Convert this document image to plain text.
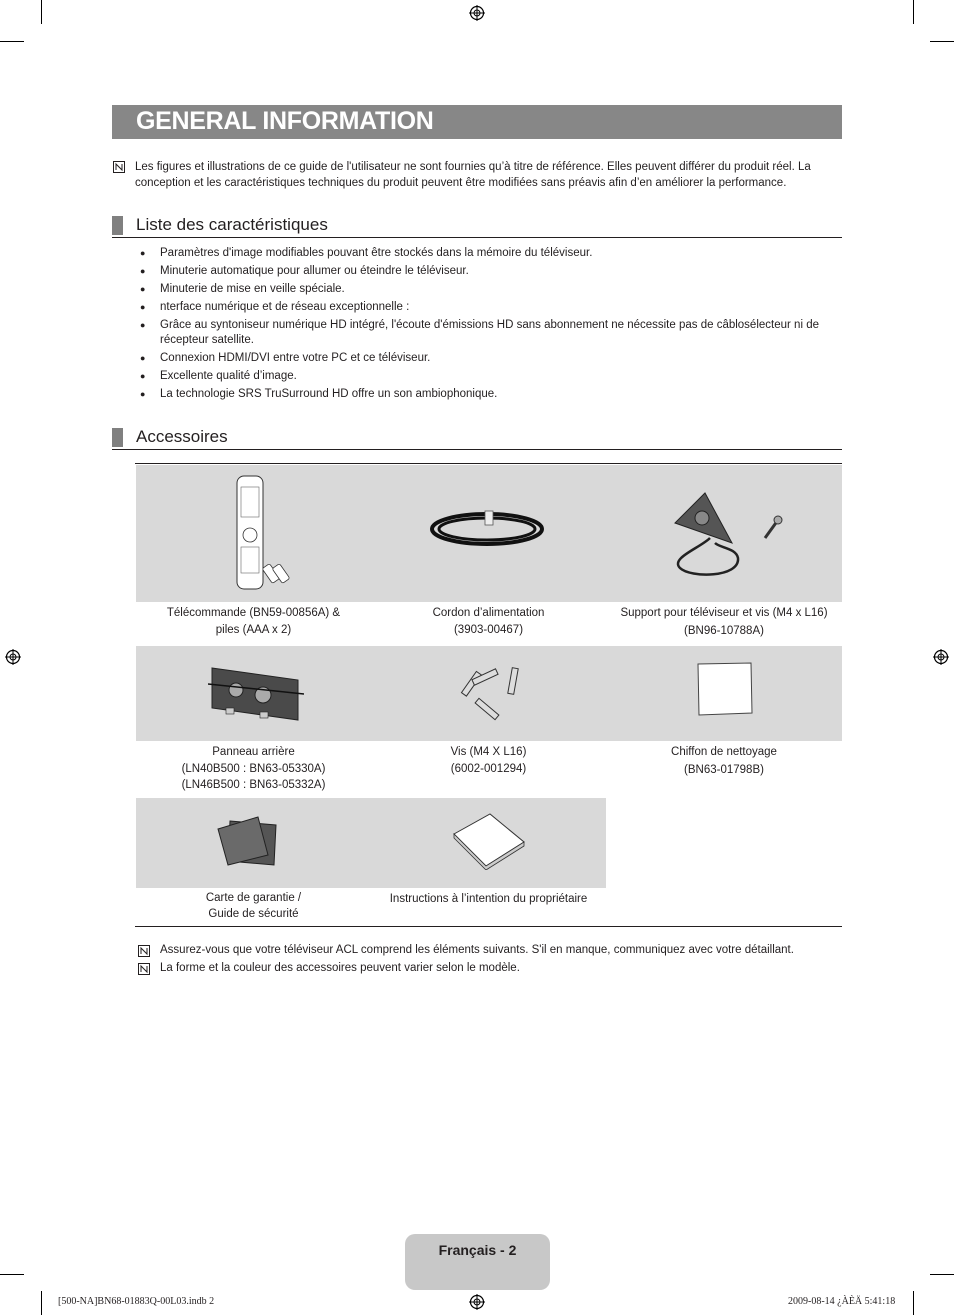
GENERAL INFORMATION
Les figures et illustrations de ce guide de l'utilisateur ne sont fournies qu’à titre de référence. Elles peuvent différer du produit réel. La conception et les caractéristiques techniques du produit peuvent être modifiées sans préavis afin d’en améliorer la performance.
Liste des caractéristiques
● Paramètres d'image modifiables pouvant être stockés dans la mémoire du téléviseur.
● Minuterie automatique pour allumer ou éteindre le téléviseur.
● Minuterie de mise en veille spéciale.
● nterface numérique et de réseau exceptionnelle :
● Grâce au syntoniseur numérique HD intégré, l'écoute d'émissions HD sans abonnement ne nécessite pas de câblosélecteur ni de récepteur satellite.
● Connexion HDMI/DVI entre votre PC et ce téléviseur.
● Excellente qualité d’image.
● La technologie SRS TruSurround HD offre un son ambiophonique.
Accessoires
Télécommande (BN59-00856A) &
piles (AAA x 2)
Cordon d’alimentation
(3903-00467)
Support pour téléviseur et vis (M4 x L16)
(BN96-10788A)
Panneau arrière
(LN40B500 : BN63-05330A)
(LN46B500 : BN63-05332A)
Vis (M4 X L16)
(6002-001294)
Chiffon de nettoyage
(BN63-01798B)
Carte de garantie /
Guide de sécurité
Instructions à l’intention du propriétaire
Assurez-vous que votre téléviseur ACL comprend les éléments suivants. S'il en manque, communiquez avec votre détaillant.
La forme et la couleur des accessoires peuvent varier selon le modèle.
Français - 2
[500-NA]BN68-01883Q-00L03.indb 2	2009-08-14 ¿ÀÈÄ 5:41:18
